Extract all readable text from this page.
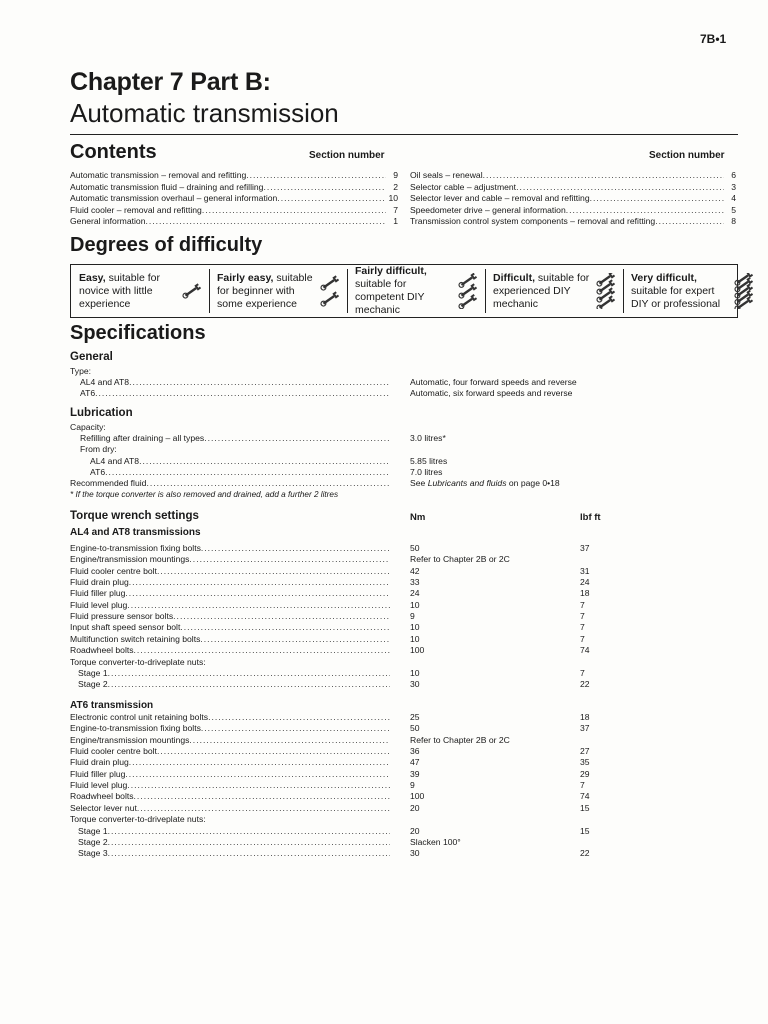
7B•1
Chapter 7 Part B:
Automatic transmission
Contents	Section number	Section number
Automatic transmission – removal and refitting .....	9
Automatic transmission fluid – draining and refilling .....	2
Automatic transmission overhaul – general information .....	10
Fluid cooler – removal and refitting .....	7
General information .....	1
Oil seals – renewal .....	6
Selector cable – adjustment .....	3
Selector lever and cable – removal and refitting .....	4
Speedometer drive – general information .....	5
Transmission control system components – removal and refitting .....	8
Degrees of difficulty
Easy, suitable for novice with little experience
Fairly easy, suitable for beginner with some experience
Fairly difficult, suitable for competent DIY mechanic
Difficult, suitable for experienced DIY mechanic
Very difficult, suitable for expert DIY or professional
Specifications
General
Type:
AL4 and AT8 .....	Automatic, four forward speeds and reverse
AT6 .....	Automatic, six forward speeds and reverse
Lubrication
Capacity:
Refilling after draining – all types .....	3.0 litres*
From dry:
AL4 and AT8 .....	5.85 litres
AT6 .....	7.0 litres
Recommended fluid .....	See Lubricants and fluids on page 0•18
* If the torque converter is also removed and drained, add a further 2 litres
Torque wrench settings	Nm	lbf ft
AL4 and AT8 transmissions
Engine-to-transmission fixing bolts .....	50	37
Engine/transmission mountings .....	Refer to Chapter 2B or 2C
Fluid cooler centre bolt .....	42	31
Fluid drain plug .....	33	24
Fluid filler plug .....	24	18
Fluid level plug .....	10	7
Fluid pressure sensor bolts .....	9	7
Input shaft speed sensor bolt .....	10	7
Multifunction switch retaining bolts .....	10	7
Roadwheel bolts .....	100	74
Torque converter-to-driveplate nuts:
Stage 1 .....	10	7
Stage 2 .....	30	22
AT6 transmission
Electronic control unit retaining bolts .....	25	18
Engine-to-transmission fixing bolts .....	50	37
Engine/transmission mountings .....	Refer to Chapter 2B or 2C
Fluid cooler centre bolt .....	36	27
Fluid drain plug .....	47	35
Fluid filler plug .....	39	29
Fluid level plug .....	9	7
Roadwheel bolts .....	100	74
Selector lever nut .....	20	15
Torque converter-to-driveplate nuts:
Stage 1 .....	20	15
Stage 2 .....	Slacken 100°
Stage 3 .....	30	22
